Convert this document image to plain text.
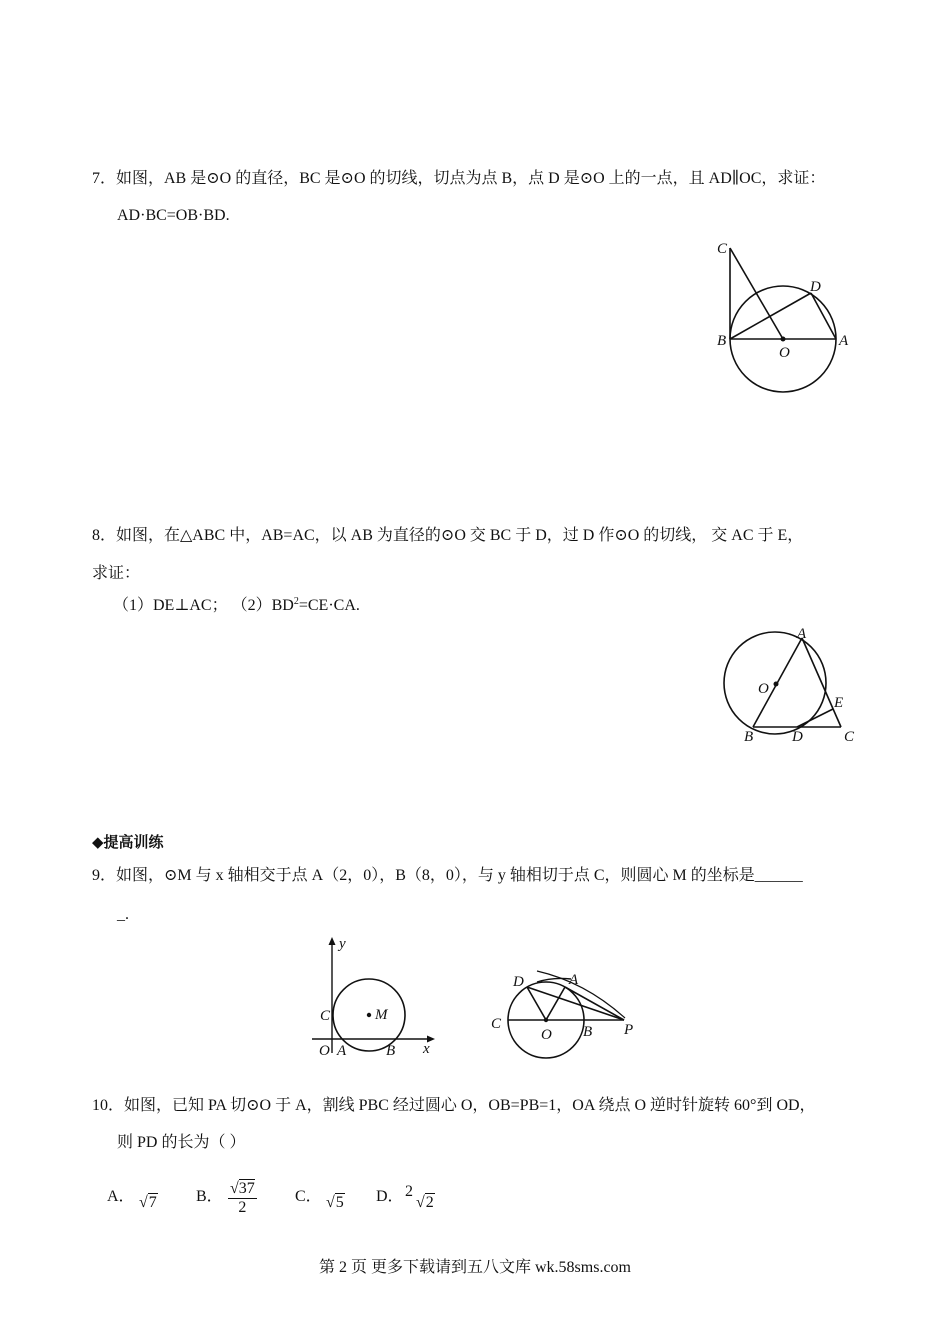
7．如图，AB 是⊙O 的直径，BC 是⊙O 的切线，切点为点 B，点 D 是⊙O 上的一点，且 AD∥OC，求证：
AD·BC=OB·BD.
C
D
B
O
A
8．如图，在△ABC 中，AB=AC，以 AB 为直径的⊙O 交 BC 于 D，过 D 作⊙O 的切线， 交 AC 于 E，
求证：
（1）DE⊥AC； $(2)BD^2=CE\cdot CA$.
A
O
E
B	D	C
◆提高训练
9．如图，⊙M 与 x 轴相交于点 A（2，0），B（8，0），与 y 轴相切于点 C，则圆心 M 的坐标是______
_.
y
C	M
O A	B x
D	A
C
O B P
10．如图，已知 PA 切⊙O 于 A，割线 PBC 经过圆心 O，OB=PB=1，OA 绕点 O 逆时针旋转 60°到 OD，
则 PD 的长为（ ）
A． √7 B． $\frac{√37}{2}$ C． √5 D． 2
√2
第 2 页 更多下载请到五八文库 wk.58sms.com
